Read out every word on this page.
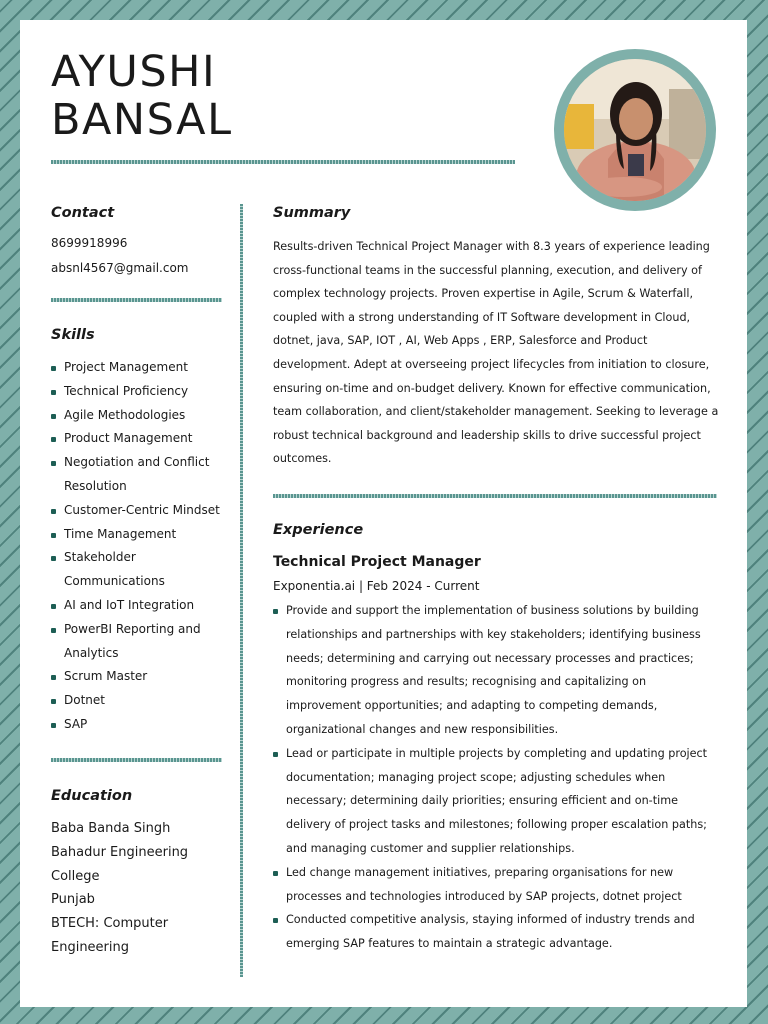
AYUSHI
BANSAL
Contact
8699918996
absnl4567@gmail.com
Skills
Project Management
Technical Proficiency
Agile Methodologies
Product Management
Negotiation and Conflict Resolution
Customer-Centric Mindset
Time Management
Stakeholder Communications
AI and IoT Integration
PowerBI Reporting and Analytics
Scrum Master
Dotnet
SAP
Education
Baba Banda Singh
Bahadur Engineering
College
Punjab
BTECH: Computer
Engineering
Summary

Results-driven Technical Project Manager with 8.3 years of experience leading cross-functional teams in the successful planning, execution, and delivery of complex technology projects. Proven expertise in Agile, Scrum & Waterfall, coupled with a strong understanding of IT Software development in Cloud, dotnet, java, SAP, IOT , AI, Web Apps , ERP, Salesforce and Product development. Adept at overseeing project lifecycles from initiation to closure, ensuring on-time and on-budget delivery. Known for effective communication, team collaboration, and client/stakeholder management. Seeking to leverage a robust technical background and leadership skills to drive successful project outcomes.

Experience
Technical Project Manager
Exponentia.ai | Feb 2024 - Current
Provide and support the implementation of business solutions by building relationships and partnerships with key stakeholders; identifying business needs; determining and carrying out necessary processes and practices; monitoring progress and results; recognising and capitalizing on improvement opportunities; and adapting to competing demands, organizational changes and new responsibilities.
Lead or participate in multiple projects by completing and updating project documentation; managing project scope; adjusting schedules when necessary; determining daily priorities; ensuring efficient and on-time delivery of project tasks and milestones; following proper escalation paths; and managing customer and supplier relationships.
Led change management initiatives, preparing organisations for new processes and technologies introduced by SAP projects, dotnet project
Conducted competitive analysis, staying informed of industry trends and emerging SAP features to maintain a strategic advantage.
